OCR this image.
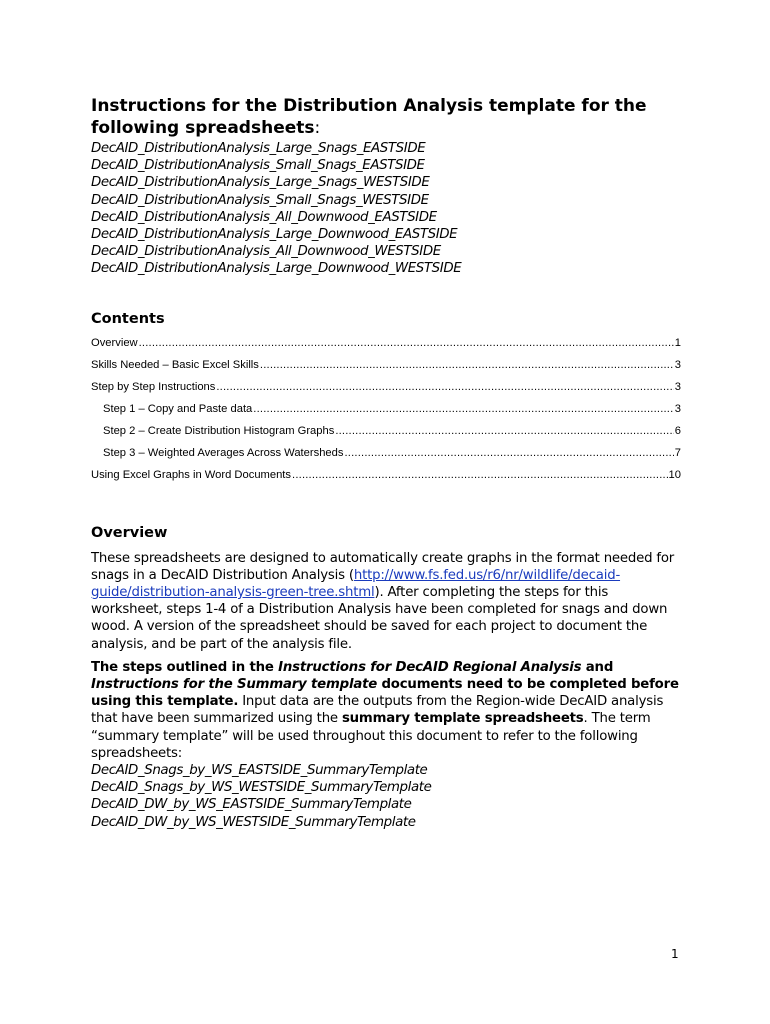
Instructions for the Distribution Analysis template for the following spreadsheets:
DecAID_DistributionAnalysis_Large_Snags_EASTSIDE
DecAID_DistributionAnalysis_Small_Snags_EASTSIDE
DecAID_DistributionAnalysis_Large_Snags_WESTSIDE
DecAID_DistributionAnalysis_Small_Snags_WESTSIDE
DecAID_DistributionAnalysis_All_Downwood_EASTSIDE
DecAID_DistributionAnalysis_Large_Downwood_EASTSIDE
DecAID_DistributionAnalysis_All_Downwood_WESTSIDE
DecAID_DistributionAnalysis_Large_Downwood_WESTSIDE
Contents
Overview .....	1
Skills Needed – Basic Excel Skills .....	3
Step by Step Instructions .....	3
Step 1 – Copy and Paste data .....	3
Step 2 – Create Distribution Histogram Graphs .....	6
Step 3 – Weighted Averages Across Watersheds .....	7
Using Excel Graphs in Word Documents .....	10
Overview

These spreadsheets are designed to automatically create graphs in the format needed for snags in a DecAID Distribution Analysis (http://www.fs.fed.us/r6/nr/wildlife/decaid-guide/distribution-analysis-green-tree.shtml). After completing the steps for this worksheet, steps 1-4 of a Distribution Analysis have been completed for snags and down wood. A version of the spreadsheet should be saved for each project to document the analysis, and be part of the analysis file.

The steps outlined in the Instructions for DecAID Regional Analysis and Instructions for the Summary template documents need to be completed before using this template. Input data are the outputs from the Region-wide DecAID analysis that have been summarized using the summary template spreadsheets. The term “summary template” will be used throughout this document to refer to the following spreadsheets:

DecAID_Snags_by_WS_EASTSIDE_SummaryTemplate
DecAID_Snags_by_WS_WESTSIDE_SummaryTemplate
DecAID_DW_by_WS_EASTSIDE_SummaryTemplate
DecAID_DW_by_WS_WESTSIDE_SummaryTemplate
1
